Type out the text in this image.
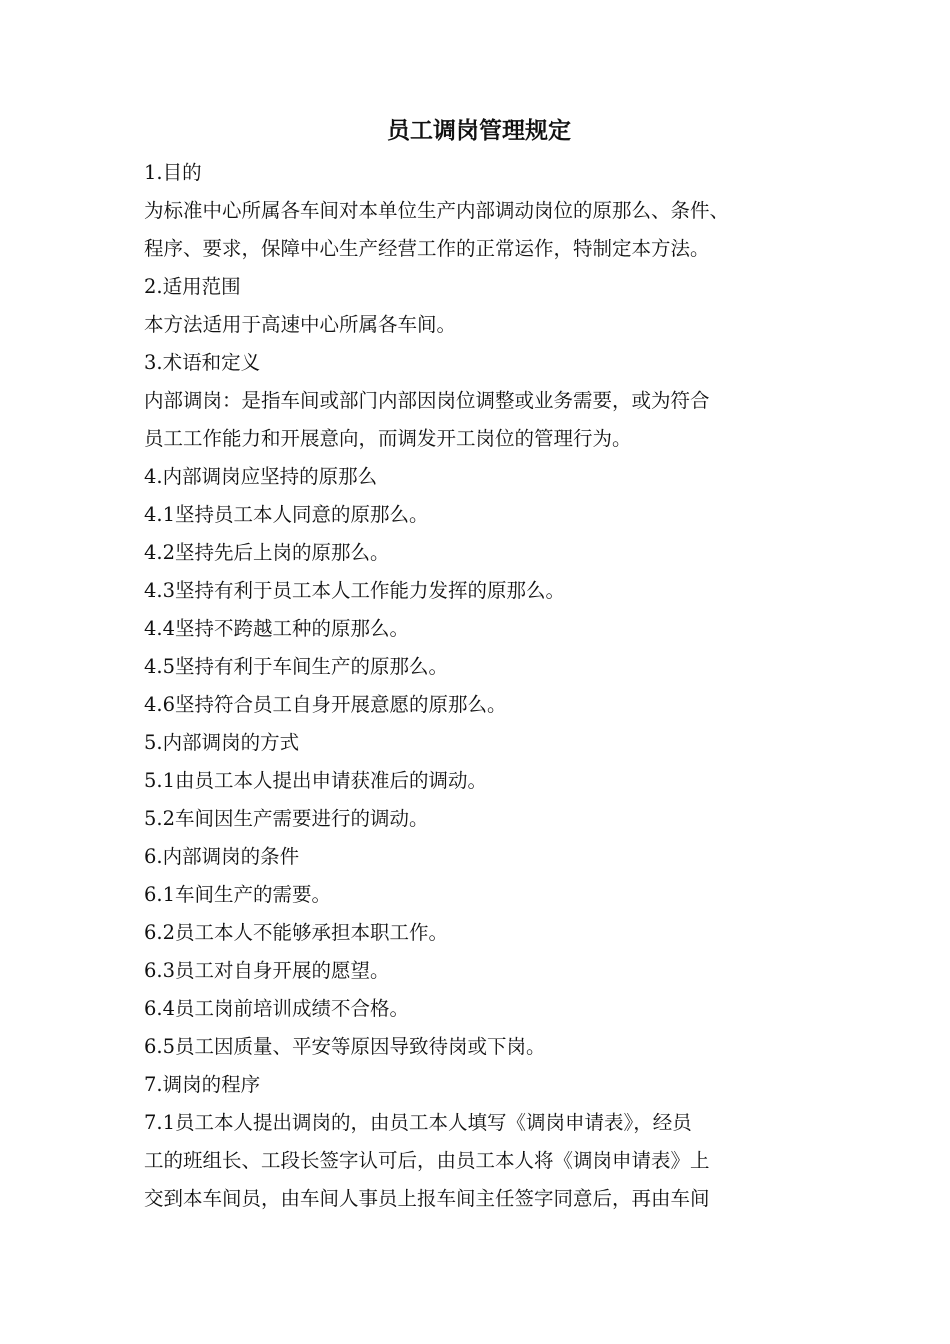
员工调岗管理规定
1.目的
为标准中心所属各车间对本单位生产内部调动岗位的原那么、条件、
程序、要求，保障中心生产经营工作的正常运作，特制定本方法。
2.适用范围
本方法适用于高速中心所属各车间。
3.术语和定义
内部调岗：是指车间或部门内部因岗位调整或业务需要，或为符合
员工工作能力和开展意向，而调发开工岗位的管理行为。
4.内部调岗应坚持的原那么
4.1坚持员工本人同意的原那么。
4.2坚持先后上岗的原那么。
4.3坚持有利于员工本人工作能力发挥的原那么。
4.4坚持不跨越工种的原那么。
4.5坚持有利于车间生产的原那么。
4.6坚持符合员工自身开展意愿的原那么。
5.内部调岗的方式
5.1由员工本人提出申请获准后的调动。
5.2车间因生产需要进行的调动。
6.内部调岗的条件
6.1车间生产的需要。
6.2员工本人不能够承担本职工作。
6.3员工对自身开展的愿望。
6.4员工岗前培训成绩不合格。
6.5员工因质量、平安等原因导致待岗或下岗。
7.调岗的程序
7.1员工本人提出调岗的，由员工本人填写《调岗申请表》，经员
工的班组长、工段长签字认可后，由员工本人将《调岗申请表》上
交到本车间员，由车间人事员上报车间主任签字同意后，再由车间
